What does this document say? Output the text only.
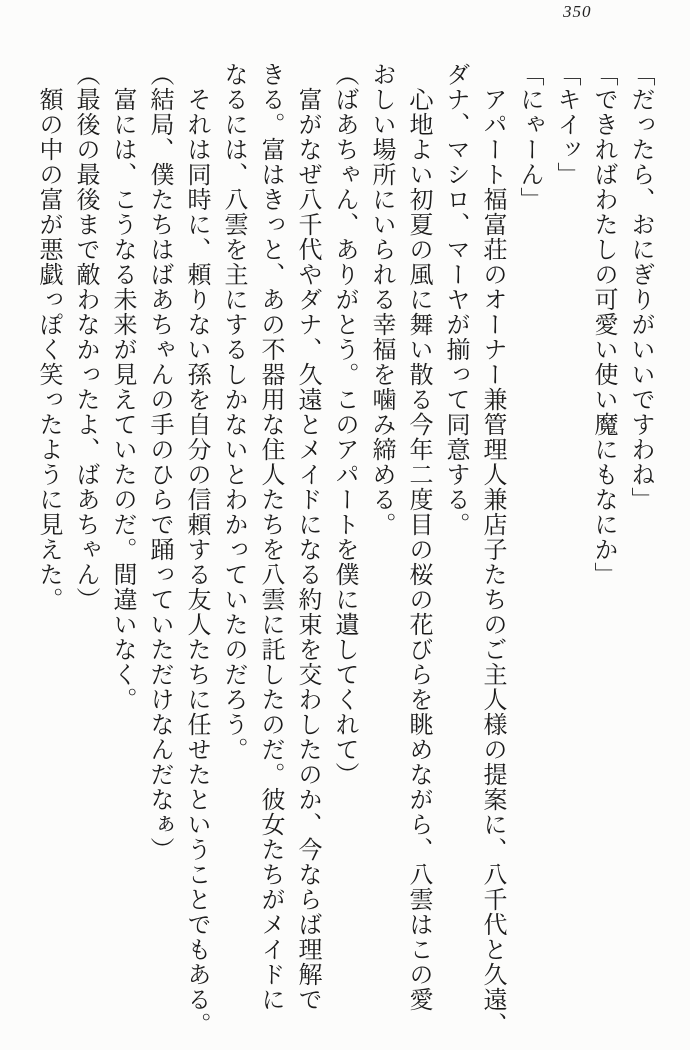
350
「だったら、おにぎりがいいですわね」
「できればわたしの可愛い使い魔にもなにか」
「キイッ」
「にゃーん」
アパート福富荘のオーナー兼管理人兼店子たちのご主人様の提案に、八千代と久遠、
ダナ、マシロ、マーヤが揃って同意する。
心地よい初夏の風に舞い散る今年二度目の桜の花びらを眺めながら、八雲はこの愛
おしい場所にいられる幸福を噛み締める。
（ばあちゃん、ありがとう。このアパートを僕に遺してくれて）
富がなぜ八千代やダナ、久遠とメイドになる約束を交わしたのか、今ならば理解で
きる。富はきっと、あの不器用な住人たちを八雲に託したのだ。彼女たちがメイドに
なるには、八雲を主にするしかないとわかっていたのだろう。
それは同時に、頼りない孫を自分の信頼する友人たちに任せたということでもある。
（結局、僕たちはばあちゃんの手のひらで踊っていただけなんだなぁ）
富には、こうなる未来が見えていたのだ。間違いなく。
（最後の最後まで敵わなかったよ、ばあちゃん）
額の中の富が悪戯っぽく笑ったように見えた。
